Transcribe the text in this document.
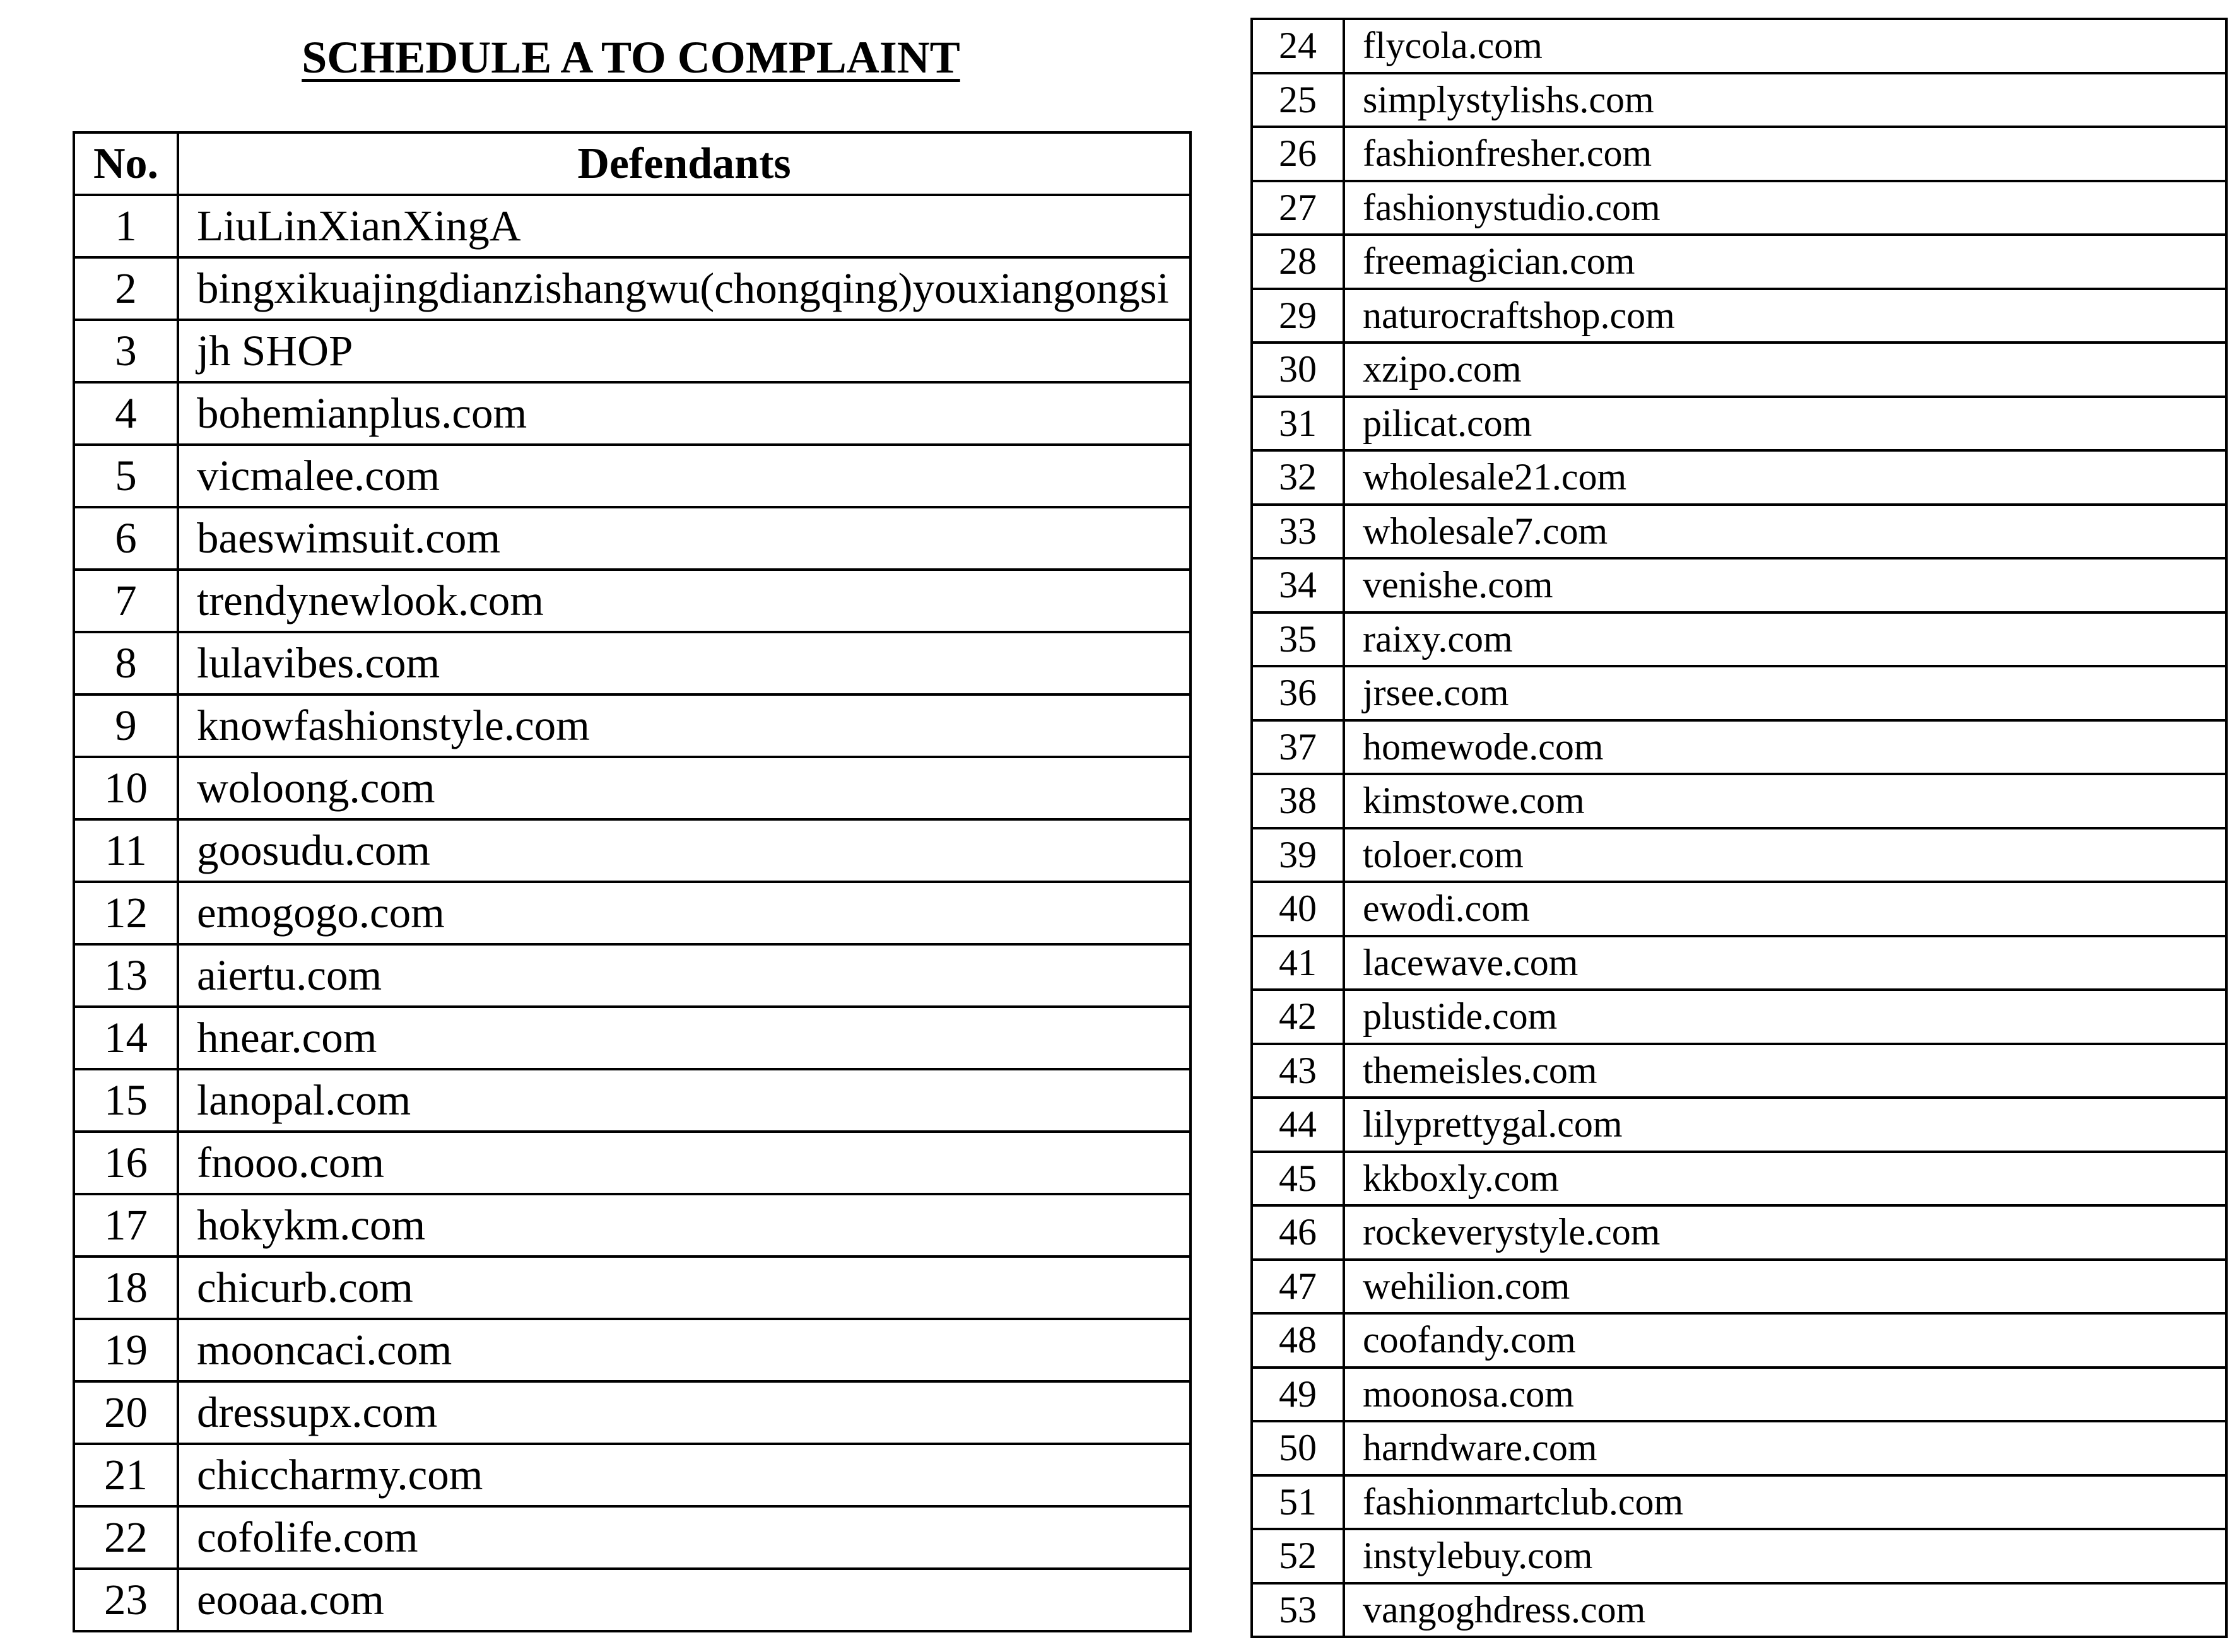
SCHEDULE A TO COMPLAINT
No.	Defendants
1	LiuLinXianXingA
2	bingxikuajingdianzishangwu(chongqing)youxiangongsi
3	jh SHOP
4	bohemianplus.com
5	vicmalee.com
6	baeswimsuit.com
7	trendynewlook.com
8	lulavibes.com
9	knowfashionstyle.com
10	woloong.com
11	goosudu.com
12	emogogo.com
13	aiertu.com
14	hnear.com
15	lanopal.com
16	fnooo.com
17	hokykm.com
18	chicurb.com
19	mooncaci.com
20	dressupx.com
21	chiccharmy.com
22	cofolife.com
23	eooaa.com
24	flycola.com
25	simplystylishs.com
26	fashionfresher.com
27	fashionystudio.com
28	freemagician.com
29	naturocraftshop.com
30	xzipo.com
31	pilicat.com
32	wholesale21.com
33	wholesale7.com
34	venishe.com
35	raixy.com
36	jrsee.com
37	homewode.com
38	kimstowe.com
39	toloer.com
40	ewodi.com
41	lacewave.com
42	plustide.com
43	themeisles.com
44	lilyprettygal.com
45	kkboxly.com
46	rockeverystyle.com
47	wehilion.com
48	coofandy.com
49	moonosa.com
50	harndware.com
51	fashionmartclub.com
52	instylebuy.com
53	vangoghdress.com
